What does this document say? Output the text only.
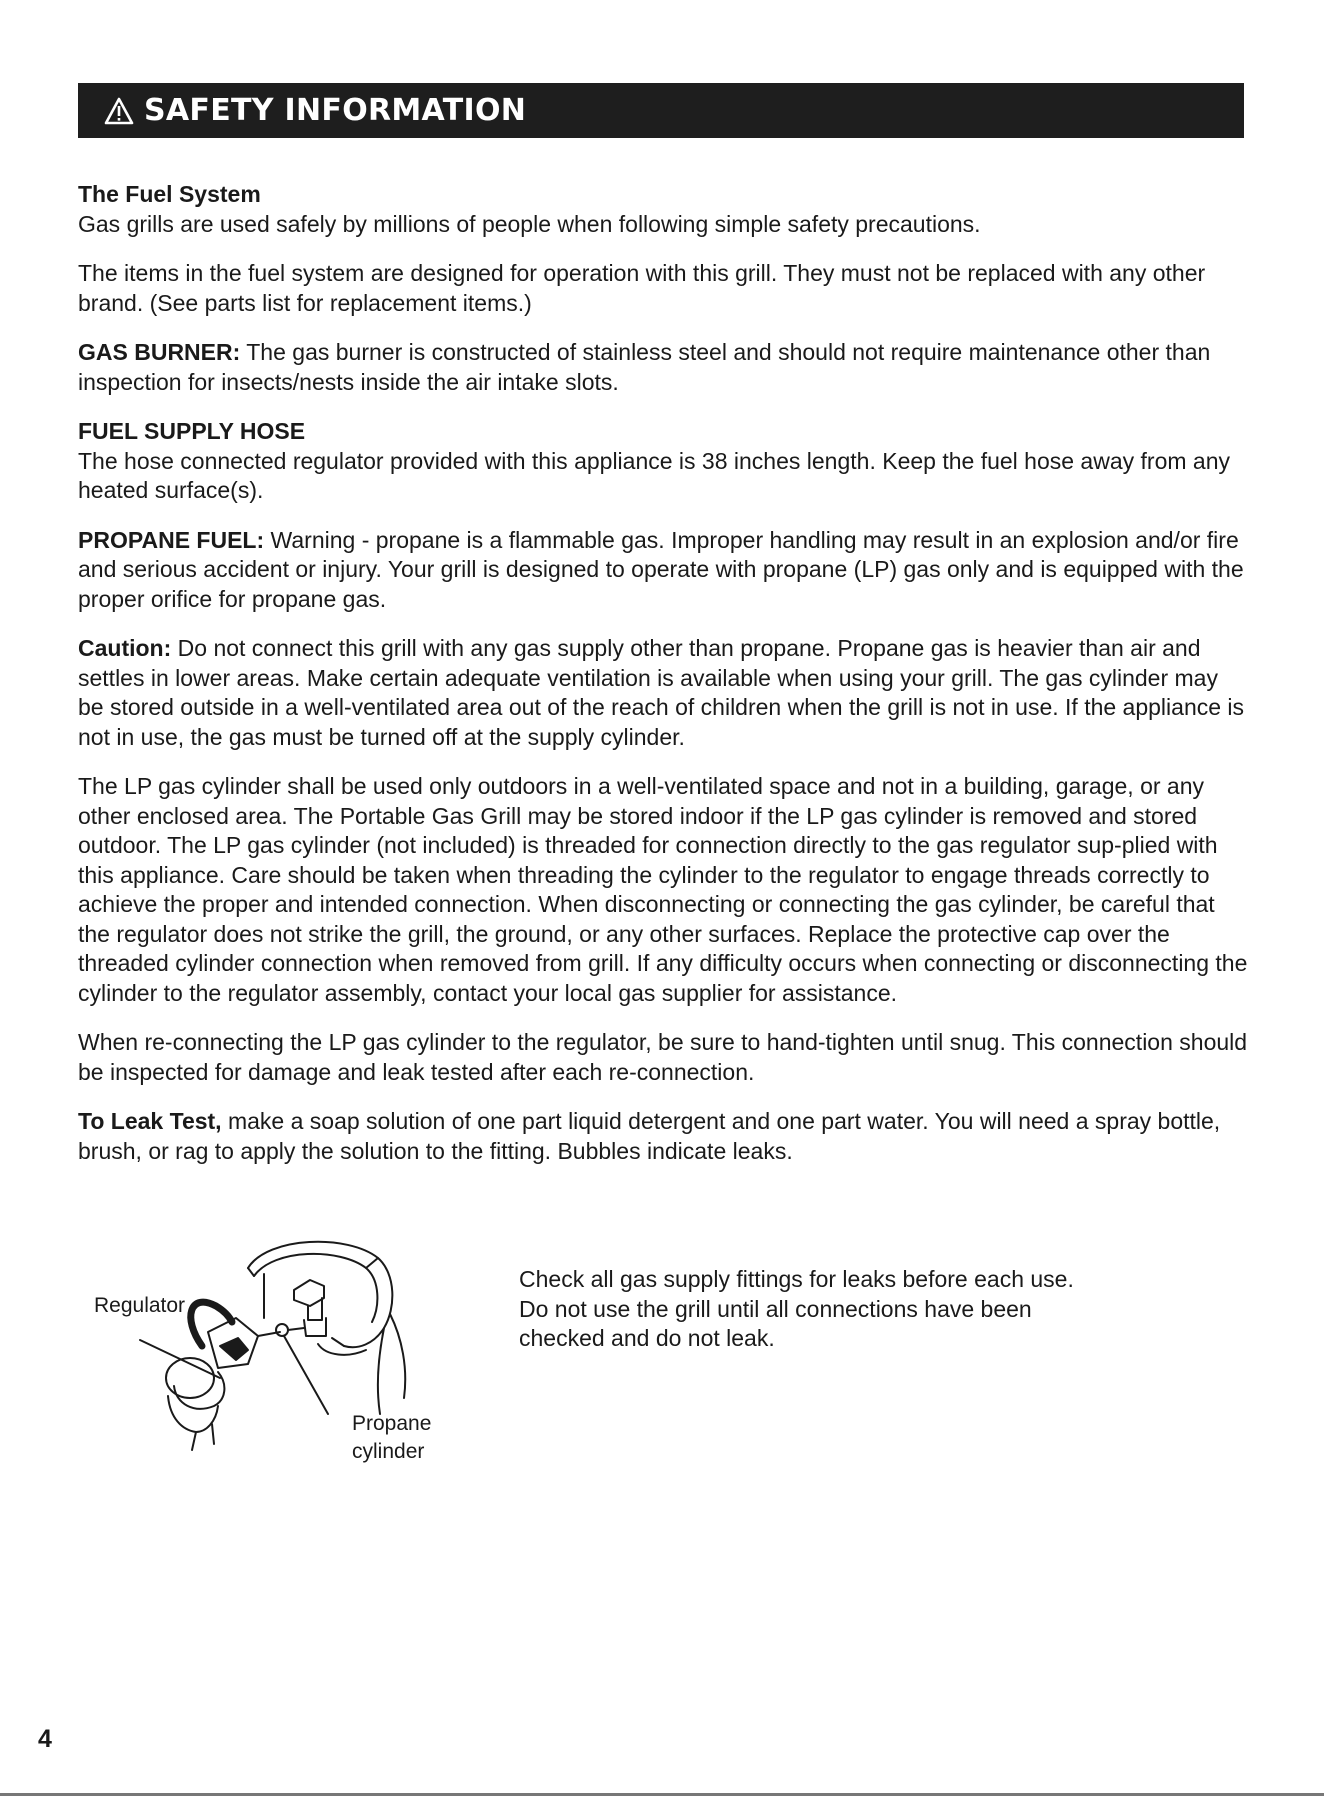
SAFETY INFORMATION

The Fuel System
Gas grills are used safely by millions of people when following simple safety precautions.

The items in the fuel system are designed for operation with this grill. They must not be replaced with any other brand. (See parts list for replacement items.)

GAS BURNER: The gas burner is constructed of stainless steel and should not require maintenance other than inspection for insects/nests inside the air intake slots.

FUEL SUPPLY HOSE
The hose connected regulator provided with this appliance is 38 inches length. Keep the fuel hose away from any heated surface(s).

PROPANE FUEL: Warning - propane is a flammable gas. Improper handling may result in an explosion and/or fire and serious accident or injury. Your grill is designed to operate with propane (LP) gas only and is equipped with the proper orifice for propane gas.

Caution: Do not connect this grill with any gas supply other than propane. Propane gas is heavier than air and settles in lower areas. Make certain adequate ventilation is available when using your grill. The gas cylinder may be stored outside in a well-ventilated area out of the reach of children when the grill is not in use. If the appliance is not in use, the gas must be turned off at the supply cylinder.

The LP gas cylinder shall be used only outdoors in a well-ventilated space and not in a building, garage, or any other enclosed area. The Portable Gas Grill may be stored indoor if the LP gas cylinder is removed and stored outdoor. The LP gas cylinder (not included) is threaded for connection directly to the gas regulator sup-plied with this appliance. Care should be taken when threading the cylinder to the regulator to engage threads correctly to achieve the proper and intended connection. When disconnecting or connecting the gas cylinder, be careful that the regulator does not strike the grill, the ground, or any other surfaces. Replace the protective cap over the threaded cylinder connection when removed from grill. If any difficulty occurs when connecting or disconnecting the cylinder to the regulator assembly, contact your local gas supplier for assistance.

When re-connecting the LP gas cylinder to the regulator, be sure to hand-tighten until snug. This connection should be inspected for damage and leak tested after each re-connection.

To Leak Test, make a soap solution of one part liquid detergent and one part water. You will need a spray bottle, brush, or rag to apply the solution to the fitting. Bubbles indicate leaks.

Regulator
Propane
cylinder
Check all gas supply fittings for leaks before each use. Do not use the grill until all connections have been checked and do not leak.
4
